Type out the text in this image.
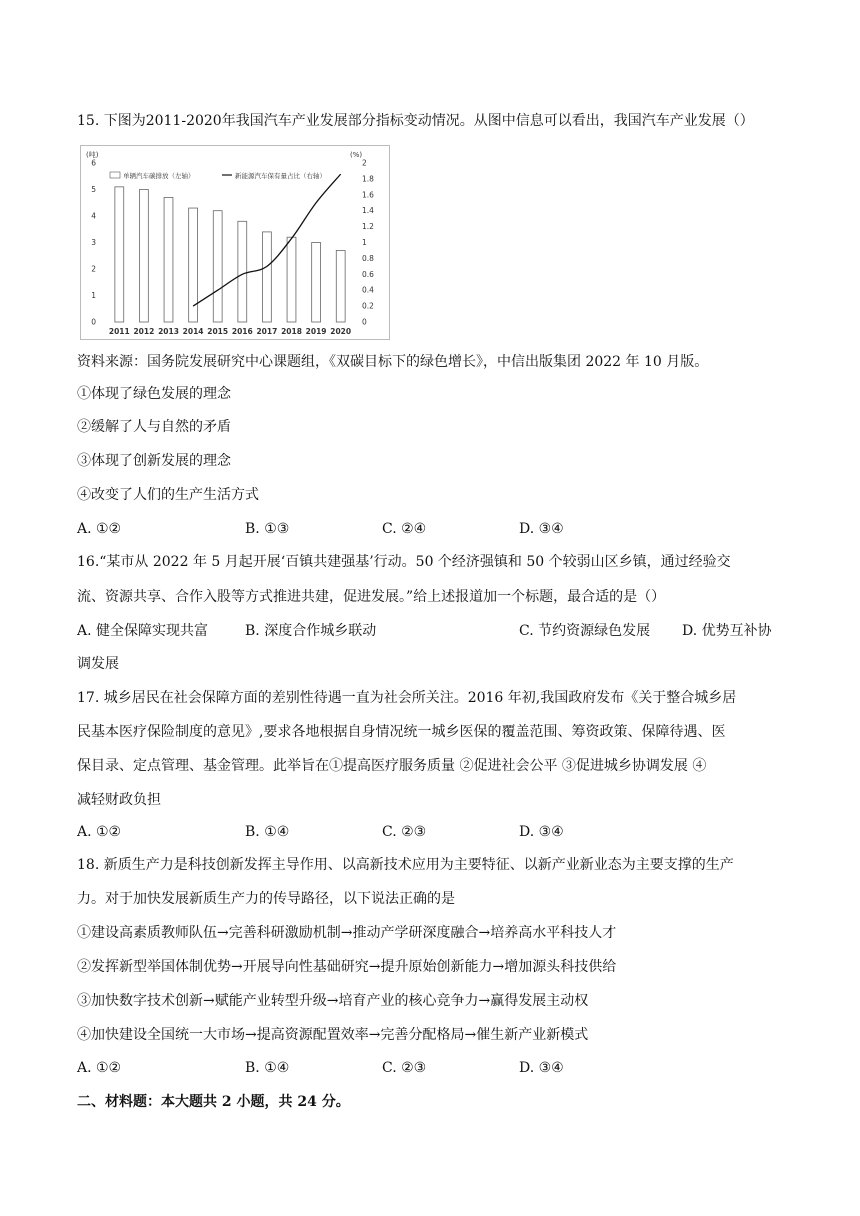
15. 下图为2011-2020年我国汽车产业发展部分指标变动情况。从图中信息可以看出，我国汽车产业发展（）
(吨)	(%)
0
1
2
3
4
5
6
0
0.2
0.4
0.6
0.8
1
1.2
1.4
1.6
1.8
2
2011 2012 2013 2014 2015 2016 2017 2018 2019 2020
单辆汽车碳排放（左轴）	新能源汽车保有量占比（右轴）
资料来源：国务院发展研究中心课题组，《双碳目标下的绿色增长》，中信出版集团 2022 年 10 月版。
①体现了绿色发展的理念
②缓解了人与自然的矛盾
③体现了创新发展的理念
④改变了人们的生产生活方式
A. ①②	B. ①③	C. ②④	D. ③④
16.“某市从 2022 年 5 月起开展‘百镇共建强基’行动。50 个经济强镇和 50 个较弱山区乡镇，通过经验交
流、资源共享、合作入股等方式推进共建，促进发展。”给上述报道加一个标题，最合适的是（）
A. 健全保障实现共富	B. 深度合作城乡联动	C. 节约资源绿色发展 D. 优势互补协
调发展
17. 城乡居民在社会保障方面的差别性待遇一直为社会所关注。2016 年初,我国政府发布《关于整合城乡居
民基本医疗保险制度的意见》,要求各地根据自身情况统一城乡医保的覆盖范围、筹资政策、保障待遇、医
保目录、定点管理、基金管理。此举旨在①提高医疗服务质量 ②促进社会公平 ③促进城乡协调发展 ④
减轻财政负担
A. ①②	B. ①④	C. ②③	D. ③④
18. 新质生产力是科技创新发挥主导作用、以高新技术应用为主要特征、以新产业新业态为主要支撑的生产
力。对于加快发展新质生产力的传导路径，以下说法正确的是
①建设高素质教师队伍→完善科研激励机制→推动产学研深度融合→培养高水平科技人才
②发挥新型举国体制优势→开展导向性基础研究→提升原始创新能力→增加源头科技供给
③加快数字技术创新→赋能产业转型升级→培育产业的核心竞争力→赢得发展主动权
④加快建设全国统一大市场→提高资源配置效率→完善分配格局→催生新产业新模式
A. ①②	B. ①④	C. ②③	D. ③④
二、材料题：本大题共 2 小题，共 24 分。
